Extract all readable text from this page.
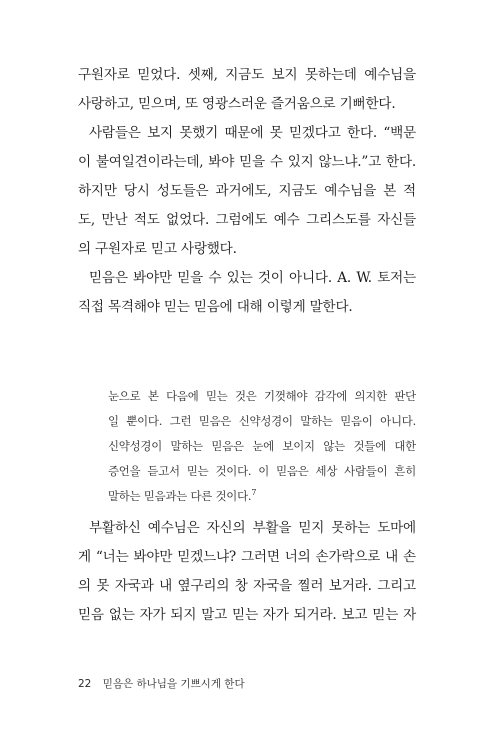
구원자로 믿었다. 셋째, 지금도 보지 못하는데 예수님을
사랑하고, 믿으며, 또 영광스러운 즐거움으로 기뻐한다.
사람들은 보지 못했기 때문에 못 믿겠다고 한다. “백문
이 불여일견이라는데, 봐야 믿을 수 있지 않느냐.”고 한다.
하지만 당시 성도들은 과거에도, 지금도 예수님을 본 적
도, 만난 적도 없었다. 그럼에도 예수 그리스도를 자신들
의 구원자로 믿고 사랑했다.
믿음은 봐야만 믿을 수 있는 것이 아니다. A. W. 토저는
직접 목격해야 믿는 믿음에 대해 이렇게 말한다.
눈으로 본 다음에 믿는 것은 기껏해야 감각에 의지한 판단
일 뿐이다. 그런 믿음은 신약성경이 말하는 믿음이 아니다.
신약성경이 말하는 믿음은 눈에 보이지 않는 것들에 대한
증언을 듣고서 믿는 것이다. 이 믿음은 세상 사람들이 흔히
말하는 믿음과는 다른 것이다.$^7$
부활하신 예수님은 자신의 부활을 믿지 못하는 도마에
게 “너는 봐야만 믿겠느냐? 그러면 너의 손가락으로 내 손
의 못 자국과 내 옆구리의 창 자국을 찔러 보거라. 그리고
믿음 없는 자가 되지 말고 믿는 자가 되거라. 보고 믿는 자
22 믿음은 하나님을 기쁘시게 한다
